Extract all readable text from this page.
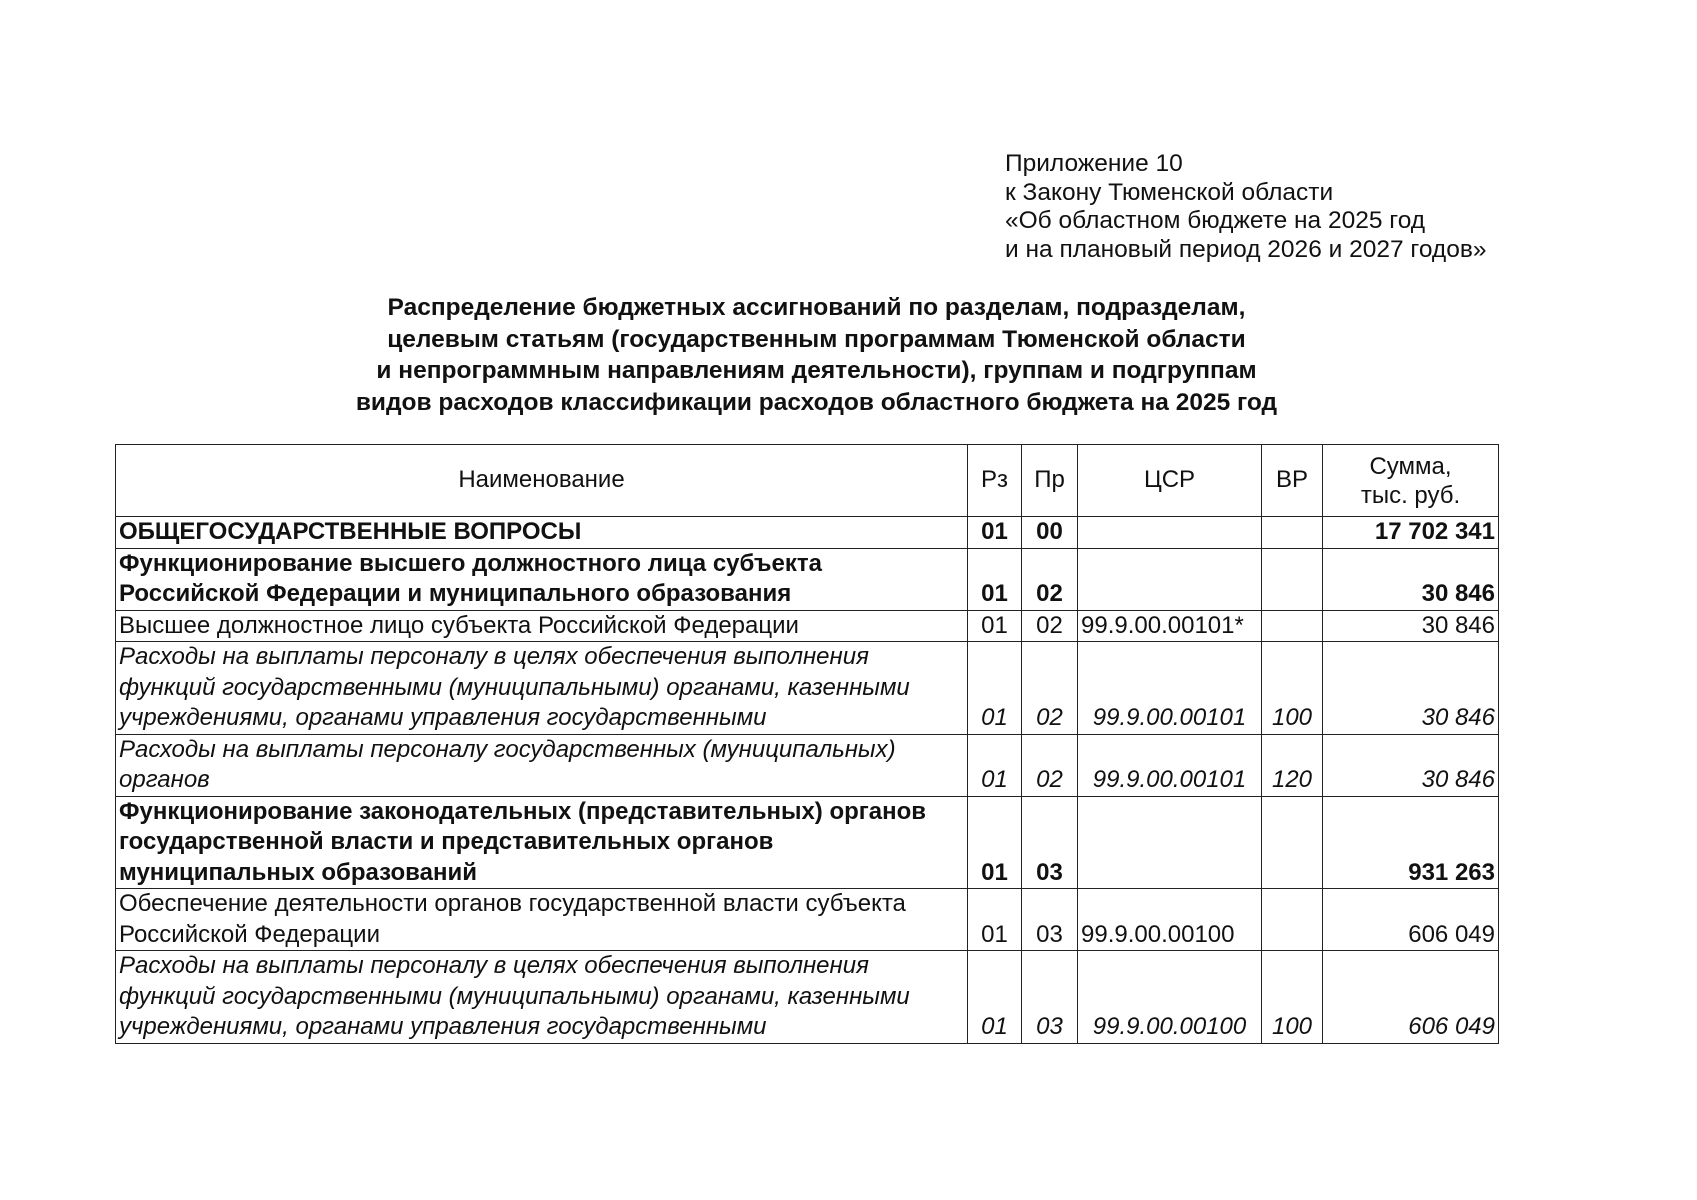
Приложение 10
к Закону Тюменской области
«Об областном бюджете на 2025 год
и на плановый период 2026 и 2027 годов»
Распределение бюджетных ассигнований по разделам, подразделам,
целевым статьям (государственным программам Тюменской области
и непрограммным направлениям деятельности), группам и подгруппам
видов расходов классификации расходов областного бюджета на 2025 год
Наименование	Рз	Пр	ЦСР	ВР	Сумма,
тыс. руб.

ОБЩЕГОСУДАРСТВЕННЫЕ ВОПРОСЫ	01	00			17 702 341

Функционирование высшего должностного лица субъекта
Российской Федерации и муниципального образования	01	02			30 846

Высшее должностное лицо субъекта Российской Федерации	01	02	99.9.00.00101*		30 846

Расходы на выплаты персоналу в целях обеспечения выполнения
функций государственными (муниципальными) органами, казенными
учреждениями, органами управления государственными	01	02	99.9.00.00101	100	30 846

Расходы на выплаты персоналу государственных (муниципальных)
органов	01	02	99.9.00.00101	120	30 846

Функционирование законодательных (представительных) органов
государственной власти и представительных органов
муниципальных образований	01	03			931 263

Обеспечение деятельности органов государственной власти субъекта
Российской Федерации	01	03	99.9.00.00100		606 049

Расходы на выплаты персоналу в целях обеспечения выполнения
функций государственными (муниципальными) органами, казенными
учреждениями, органами управления государственными	01	03	99.9.00.00100	100	606 049
